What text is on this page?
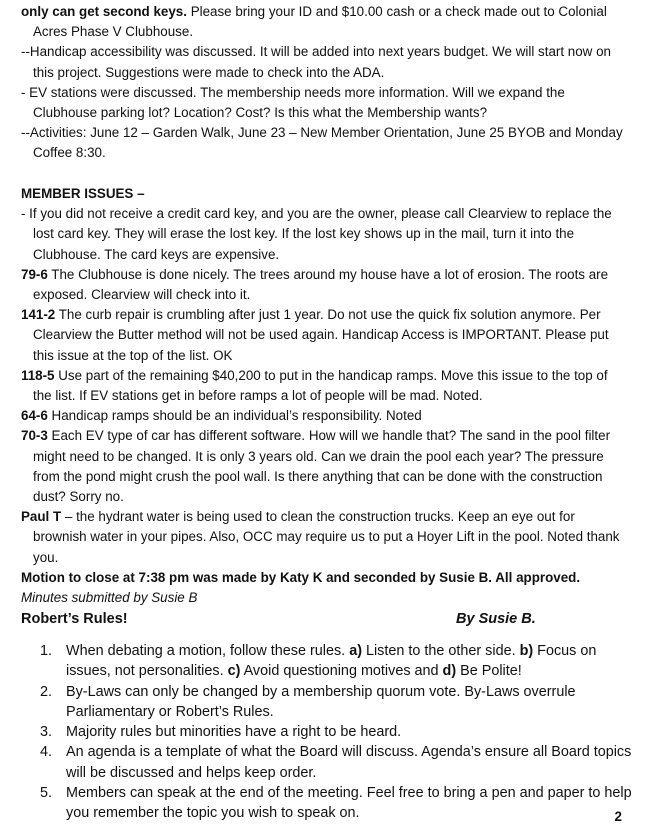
only can get second keys. Please bring your ID and $10.00 cash or a check made out to Colonial Acres Phase V Clubhouse.

--Handicap accessibility was discussed. It will be added into next years budget. We will start now on this project. Suggestions were made to check into the ADA.

- EV stations were discussed. The membership needs more information. Will we expand the Clubhouse parking lot? Location? Cost? Is this what the Membership wants?

--Activities: June 12 – Garden Walk, June 23 – New Member Orientation, June 25 BYOB and Monday Coffee 8:30.

MEMBER ISSUES –

- If you did not receive a credit card key, and you are the owner, please call Clearview to replace the lost card key. They will erase the lost key. If the lost key shows up in the mail, turn it into the Clubhouse. The card keys are expensive.

79-6 The Clubhouse is done nicely. The trees around my house have a lot of erosion. The roots are exposed. Clearview will check into it.

141-2 The curb repair is crumbling after just 1 year. Do not use the quick fix solution anymore. Per Clearview the Butter method will not be used again. Handicap Access is IMPORTANT. Please put this issue at the top of the list. OK

118-5 Use part of the remaining $40,200 to put in the handicap ramps. Move this issue to the top of the list. If EV stations get in before ramps a lot of people will be mad. Noted.

64-6 Handicap ramps should be an individual’s responsibility. Noted

70-3 Each EV type of car has different software. How will we handle that? The sand in the pool filter might need to be changed. It is only 3 years old. Can we drain the pool each year? The pressure from the pond might crush the pool wall. Is there anything that can be done with the construction dust? Sorry no.

Paul T – the hydrant water is being used to clean the construction trucks. Keep an eye out for brownish water in your pipes. Also, OCC may require us to put a Hoyer Lift in the pool. Noted thank you.

Motion to close at 7:38 pm was made by Katy K and seconded by Susie B. All approved.

Minutes submitted by Susie B

Robert’s Rules!	By Susie B.
1. When debating a motion, follow these rules. a) Listen to the other side. b) Focus on issues, not personalities. c) Avoid questioning motives and d) Be Polite!
2. By-Laws can only be changed by a membership quorum vote. By-Laws overrule Parliamentary or Robert’s Rules.
3. Majority rules but minorities have a right to be heard.
4. An agenda is a template of what the Board will discuss. Agenda’s ensure all Board topics will be discussed and helps keep order.
5. Members can speak at the end of the meeting. Feel free to bring a pen and paper to help you remember the topic you wish to speak on.	2
